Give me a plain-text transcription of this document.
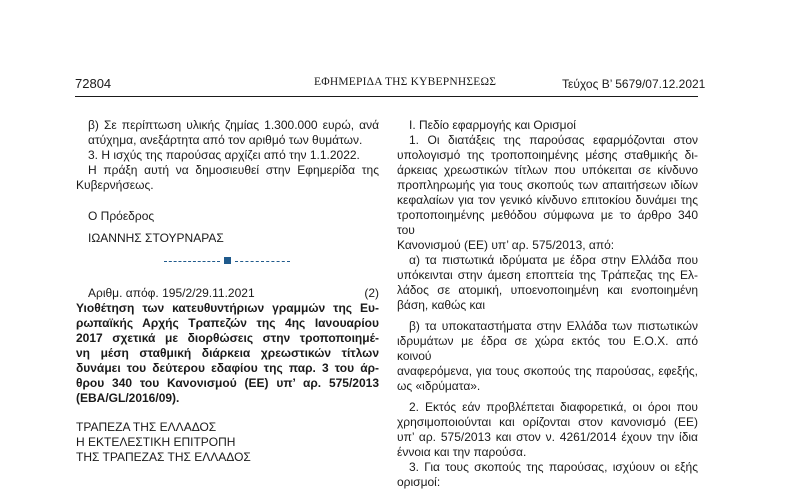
72804	ΕΦΗΜΕΡΙΔΑ ΤΗΣ ΚΥΒΕΡΝΗΣΕΩΣ	Τεύχος B’ 5679/07.12.2021
β) Σε περίπτωση υλικής ζημίας 1.300.000 ευρώ, ανά
ατύχημα, ανεξάρτητα από τον αριθμό των θυμάτων.
3. Η ισχύς της παρούσας αρχίζει από την 1.1.2022.
Η πράξη αυτή να δημοσιευθεί στην Εφημερίδα της
Κυβερνήσεως.
Ο Πρόεδρος
ΙΩΑΝΝΗΣ ΣΤΟΥΡΝΑΡΑΣ
Αριθμ. απόφ. 195/2/29.11.2021	(2)
Υιοθέτηση των κατευθυντήριων γραμμών της Ευ-
ρωπαϊκής Αρχής Τραπεζών της 4ης Ιανουαρίου
2017 σχετικά με διορθώσεις στην τροποποιημέ-
νη μέση σταθμική διάρκεια χρεωστικών τίτλων
δυνάμει του δεύτερου εδαφίου της παρ. 3 του άρ-
θρου 340 του Κανονισμού (ΕΕ) υπ’ αρ. 575/2013
(EBA/GL/2016/09).
ΤΡΑΠΕΖΑ ΤΗΣ ΕΛΛΑΔΟΣ
Η ΕΚΤΕΛΕΣΤΙΚΗ ΕΠΙΤΡΟΠΗ
ΤΗΣ ΤΡΑΠΕΖΑΣ ΤΗΣ ΕΛΛΑΔΟΣ
Ι. Πεδίο εφαρμογής και Ορισμοί
1. Οι διατάξεις της παρούσας εφαρμόζονται στον
υπολογισμό της τροποποιημένης μέσης σταθμικής δι-
άρκειας χρεωστικών τίτλων που υπόκειται σε κίνδυνο
προπληρωμής για τους σκοπούς των απαιτήσεων ιδίων
κεφαλαίων για τον γενικό κίνδυνο επιτοκίου δυνάμει της
τροποποιημένης μεθόδου σύμφωνα με το άρθρο 340 του
Κανονισμού (ΕΕ) υπ’ αρ. 575/2013, από:
α) τα πιστωτικά ιδρύματα με έδρα στην Ελλάδα που
υπόκεινται στην άμεση εποπτεία της Τράπεζας της Ελ-
λάδος σε ατομική, υποενοποιημένη και ενοποιημένη
βάση, καθώς και
β) τα υποκαταστήματα στην Ελλάδα των πιστωτικών
ιδρυμάτων με έδρα σε χώρα εκτός του Ε.Ο.Χ. από κοινού
αναφερόμενα, για τους σκοπούς της παρούσας, εφεξής,
ως «ιδρύματα».
2. Εκτός εάν προβλέπεται διαφορετικά, οι όροι που
χρησιμοποιούνται και ορίζονται στον κανονισμό (ΕΕ)
υπ’ αρ. 575/2013 και στον ν. 4261/2014 έχουν την ίδια
έννοια και την παρούσα.
3. Για τους σκοπούς της παρούσας, ισχύουν οι εξής
ορισμοί:
